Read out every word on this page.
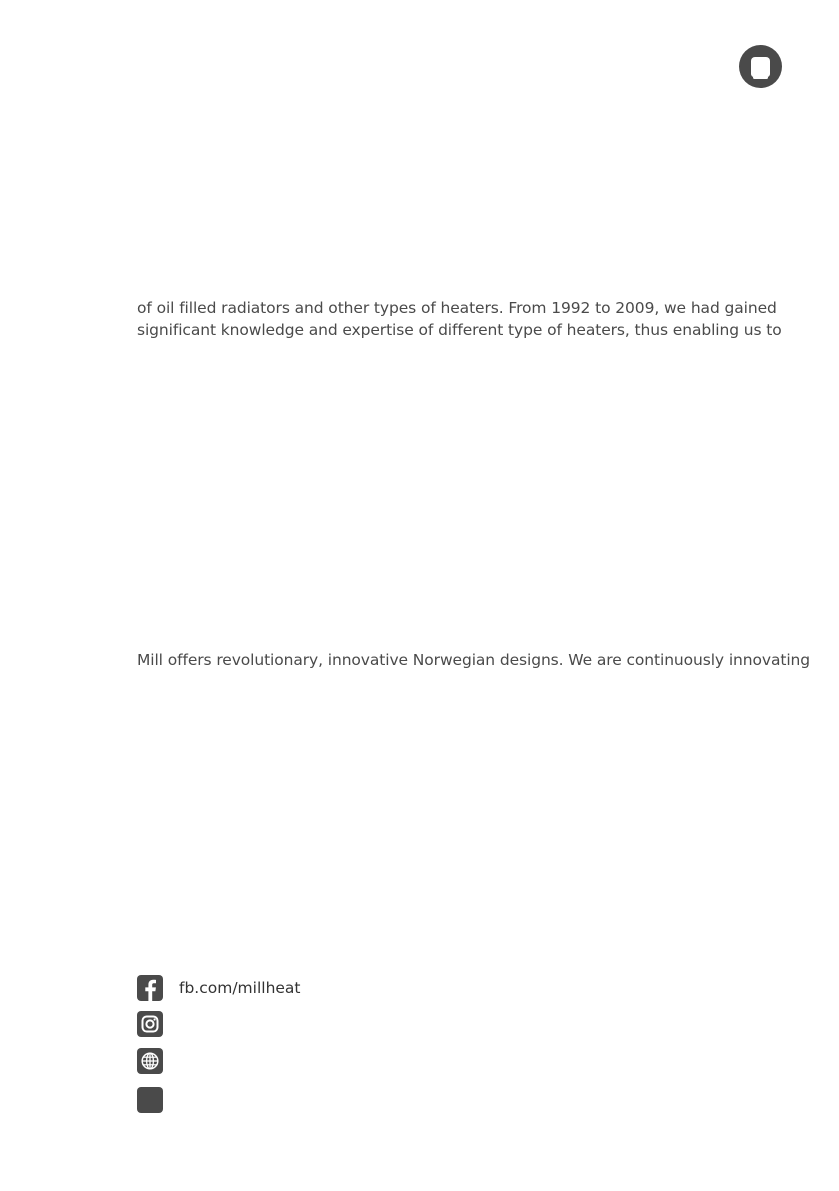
of oil filled radiators and other types of heaters. From 1992 to 2009, we had gained
significant knowledge and expertise of different type of heaters, thus enabling us to
Mill offers revolutionary, innovative Norwegian designs. We are continuously innovating
fb.com/millheat
